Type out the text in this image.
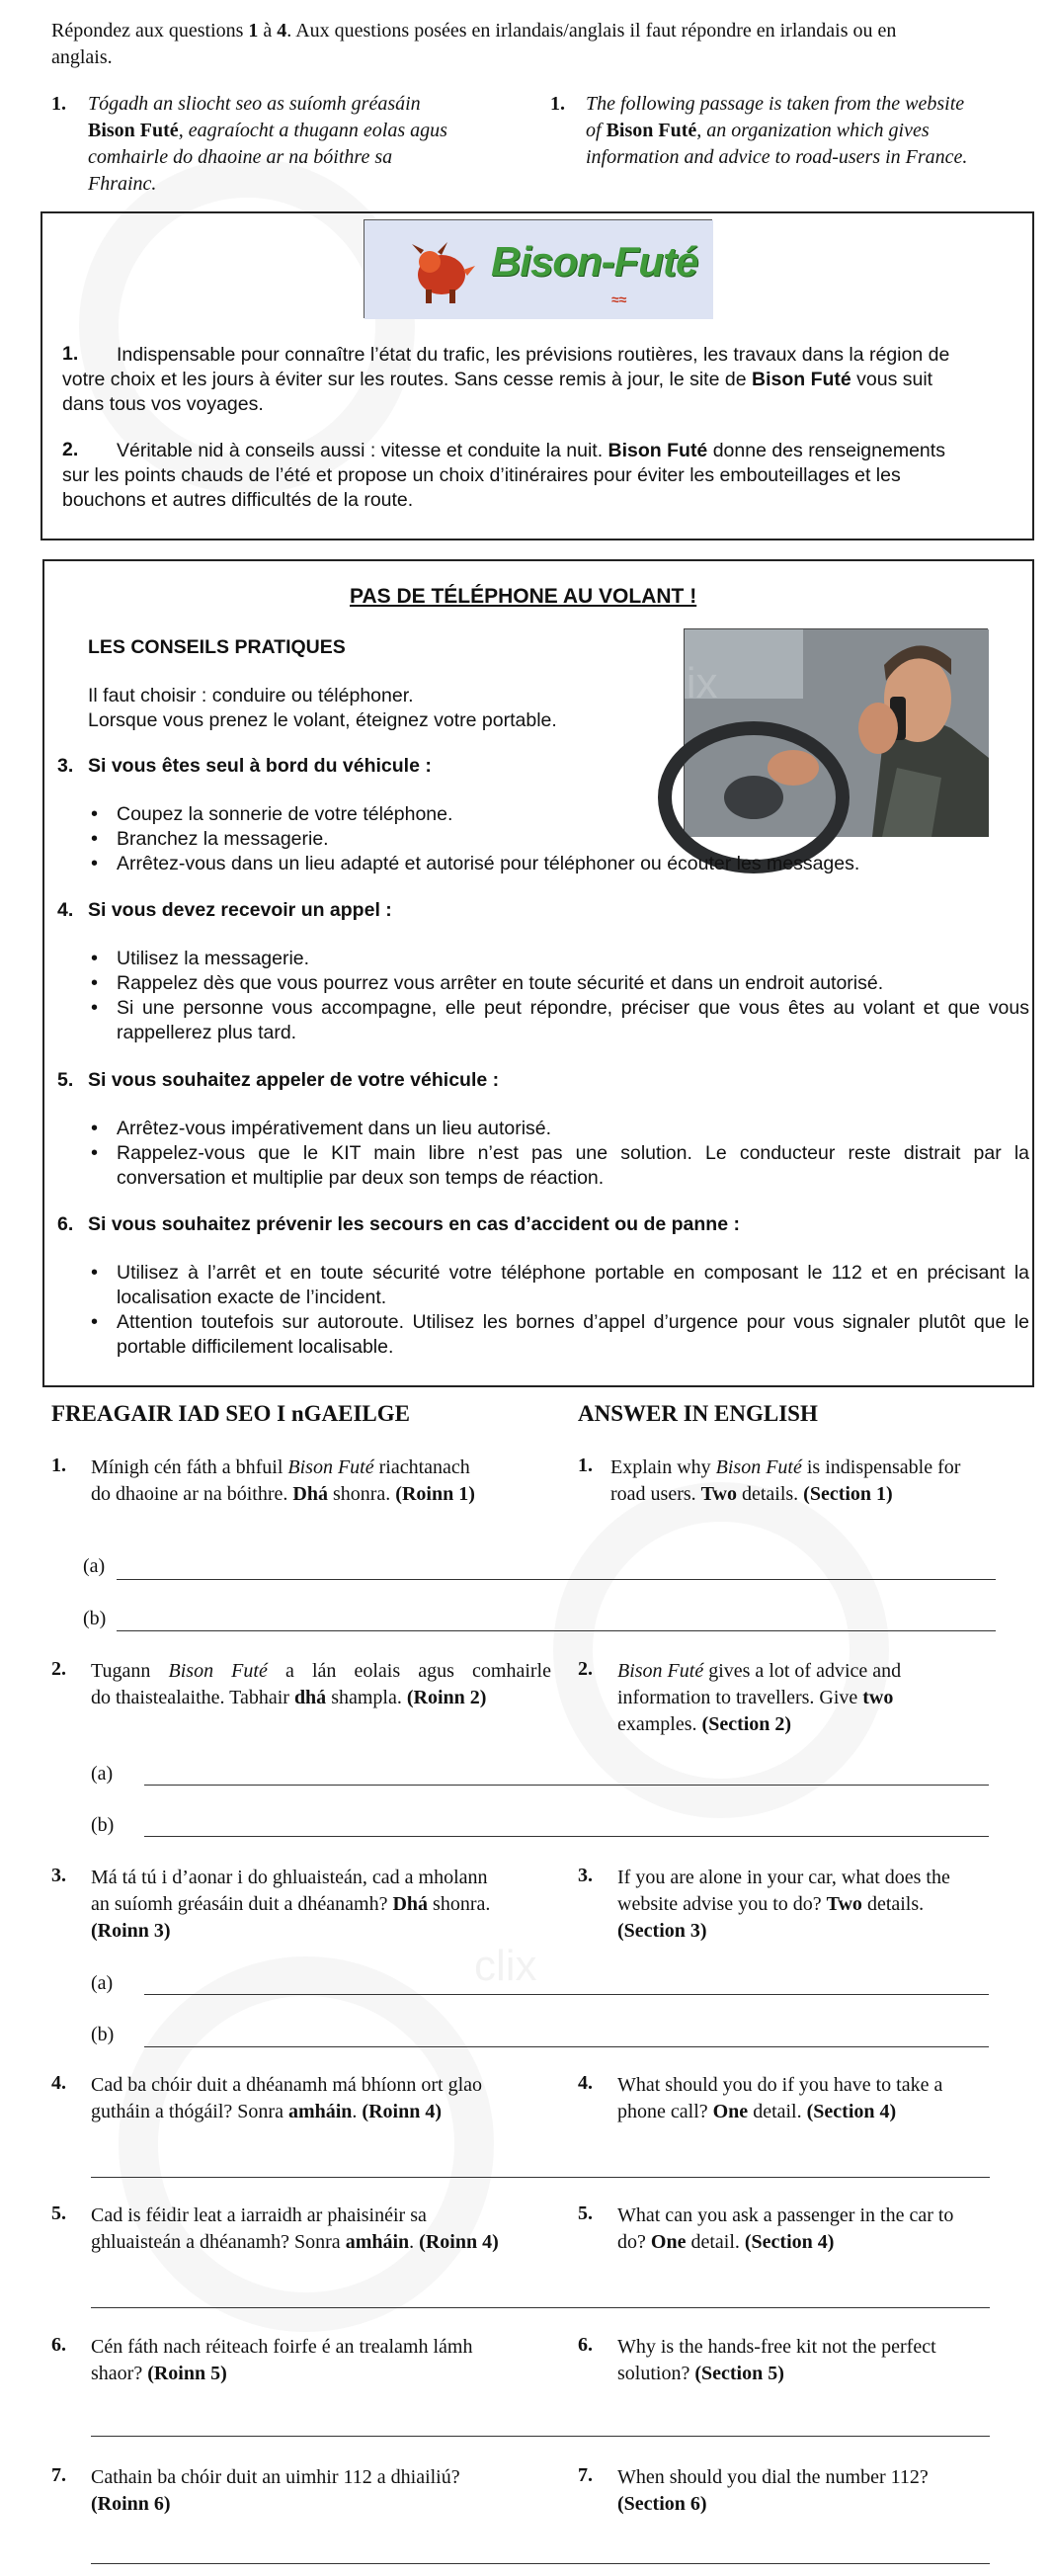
Répondez aux questions 1 à 4. Aux questions posées en irlandais/anglais il faut répondre en irlandais ou en
anglais.
1. Tógadh an sliocht seo as suíomh gréasáin
Bison Futé, eagraíocht a thugann eolas agus
comhairle do dhaoine ar na bóithre sa
Fhrainc.
1. The following passage is taken from the website
of Bison Futé, an organization which gives
information and advice to road-users in France.
Bison-Futé
≈≈
1.	Indispensable pour connaître l’état du trafic, les prévisions routières, les travaux dans la région de
votre choix et les jours à éviter sur les routes. Sans cesse remis à jour, le site de Bison Futé vous suit
dans tous vos voyages.
2.	Véritable nid à conseils aussi : vitesse et conduite la nuit. Bison Futé donne des renseignements
sur les points chauds de l’été et propose un choix d’itinéraires pour éviter les embouteillages et les
bouchons et autres difficultés de la route.
PAS DE TÉLÉPHONE AU VOLANT !
LES CONSEILS PRATIQUES
Il faut choisir : conduire ou téléphoner.
Lorsque vous prenez le volant, éteignez votre portable.
clix
3. Si vous êtes seul à bord du véhicule :
• Coupez la sonnerie de votre téléphone.
• Branchez la messagerie.
• Arrêtez-vous dans un lieu adapté et autorisé pour téléphoner ou écouter les messages.
4. Si vous devez recevoir un appel :
• Utilisez la messagerie.
• Rappelez dès que vous pourrez vous arrêter en toute sécurité et dans un endroit autorisé.
• Si une personne vous accompagne, elle peut répondre, préciser que vous êtes au volant et que vous rappellerez plus tard.
5. Si vous souhaitez appeler de votre véhicule :
• Arrêtez-vous impérativement dans un lieu autorisé.
• Rappelez-vous que le KIT main libre n’est pas une solution. Le conducteur reste distrait par la conversation et multiplie par deux son temps de réaction.
6. Si vous souhaitez prévenir les secours en cas d’accident ou de panne :
• Utilisez à l’arrêt et en toute sécurité votre téléphone portable en composant le 112 et en précisant la localisation exacte de l’incident.
• Attention toutefois sur autoroute. Utilisez les bornes d’appel d’urgence pour vous signaler plutôt que le portable difficilement localisable.
FREAGAIR IAD SEO I nGAEILGE	ANSWER IN ENGLISH
1. Mínigh cén fáth a bhfuil Bison Futé riachtanach
do dhaoine ar na bóithre. Dhá shonra. (Roinn 1)
1. Explain why Bison Futé is indispensable for
road users. Two details. (Section 1)
(a)
(b)
2. Tugann Bison Futé a lán eolais agus comhairle
do thaistealaithe. Tabhair dhá shampla. (Roinn 2)
2. Bison Futé gives a lot of advice and
information to travellers. Give two
examples. (Section 2)
(a)
(b)
3. Má tá tú i d’aonar i do ghluaisteán, cad a mholann
an suíomh gréasáin duit a dhéanamh? Dhá shonra.
(Roinn 3)
3. If you are alone in your car, what does the
website advise you to do? Two details.
(Section 3)
(a)
(b)
clix
4. Cad ba chóir duit a dhéanamh má bhíonn ort glao
gutháin a thógáil? Sonra amháin. (Roinn 4)
4. What should you do if you have to take a
phone call? One detail. (Section 4)
5. Cad is féidir leat a iarraidh ar phaisinéir sa
ghluaisteán a dhéanamh? Sonra amháin. (Roinn 4)
5. What can you ask a passenger in the car to
do? One detail. (Section 4)
6. Cén fáth nach réiteach foirfe é an trealamh lámh
shaor? (Roinn 5)
6. Why is the hands-free kit not the perfect
solution? (Section 5)
7. Cathain ba chóir duit an uimhir 112 a dhiailiú?
(Roinn 6)
7. When should you dial the number 112?
(Section 6)
